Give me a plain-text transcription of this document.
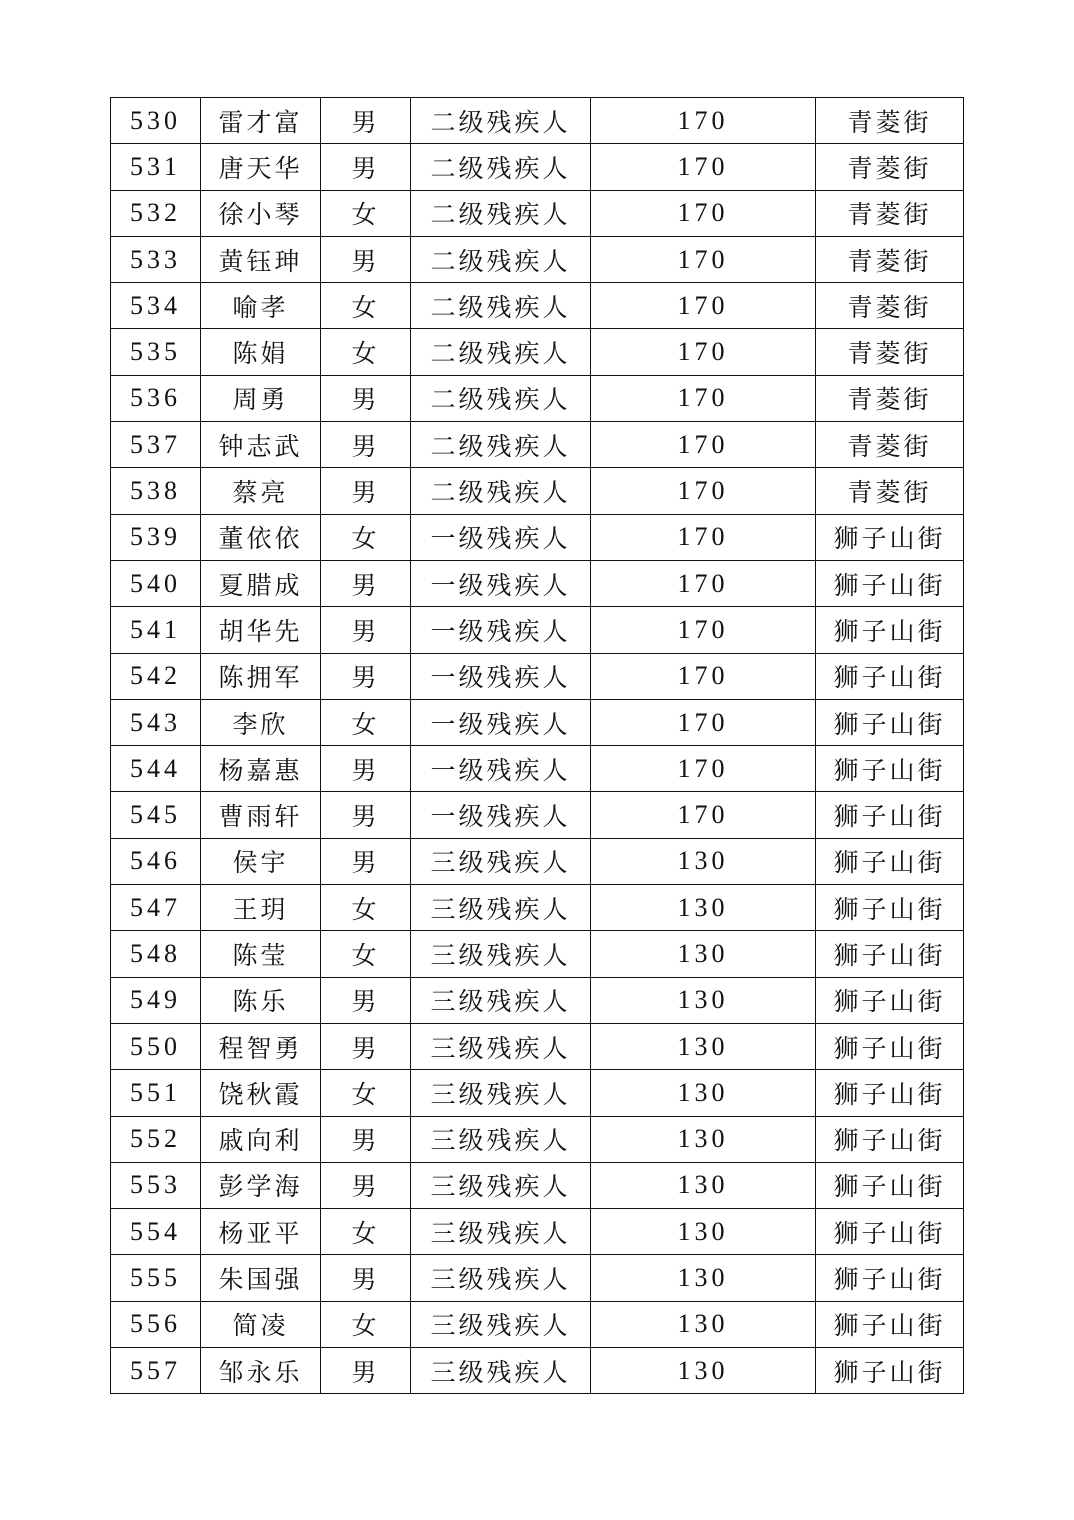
530	雷才富	男	二级残疾人	170	青菱街
531	唐天华	男	二级残疾人	170	青菱街
532	徐小琴	女	二级残疾人	170	青菱街
533	黄钰珅	男	二级残疾人	170	青菱街
534	喻孝	女	二级残疾人	170	青菱街
535	陈娟	女	二级残疾人	170	青菱街
536	周勇	男	二级残疾人	170	青菱街
537	钟志武	男	二级残疾人	170	青菱街
538	蔡亮	男	二级残疾人	170	青菱街
539	董依依	女	一级残疾人	170	狮子山街
540	夏腊成	男	一级残疾人	170	狮子山街
541	胡华先	男	一级残疾人	170	狮子山街
542	陈拥军	男	一级残疾人	170	狮子山街
543	李欣	女	一级残疾人	170	狮子山街
544	杨嘉惠	男	一级残疾人	170	狮子山街
545	曹雨轩	男	一级残疾人	170	狮子山街
546	侯宇	男	三级残疾人	130	狮子山街
547	王玥	女	三级残疾人	130	狮子山街
548	陈莹	女	三级残疾人	130	狮子山街
549	陈乐	男	三级残疾人	130	狮子山街
550	程智勇	男	三级残疾人	130	狮子山街
551	饶秋霞	女	三级残疾人	130	狮子山街
552	戚向利	男	三级残疾人	130	狮子山街
553	彭学海	男	三级残疾人	130	狮子山街
554	杨亚平	女	三级残疾人	130	狮子山街
555	朱国强	男	三级残疾人	130	狮子山街
556	简凌	女	三级残疾人	130	狮子山街
557	邹永乐	男	三级残疾人	130	狮子山街
